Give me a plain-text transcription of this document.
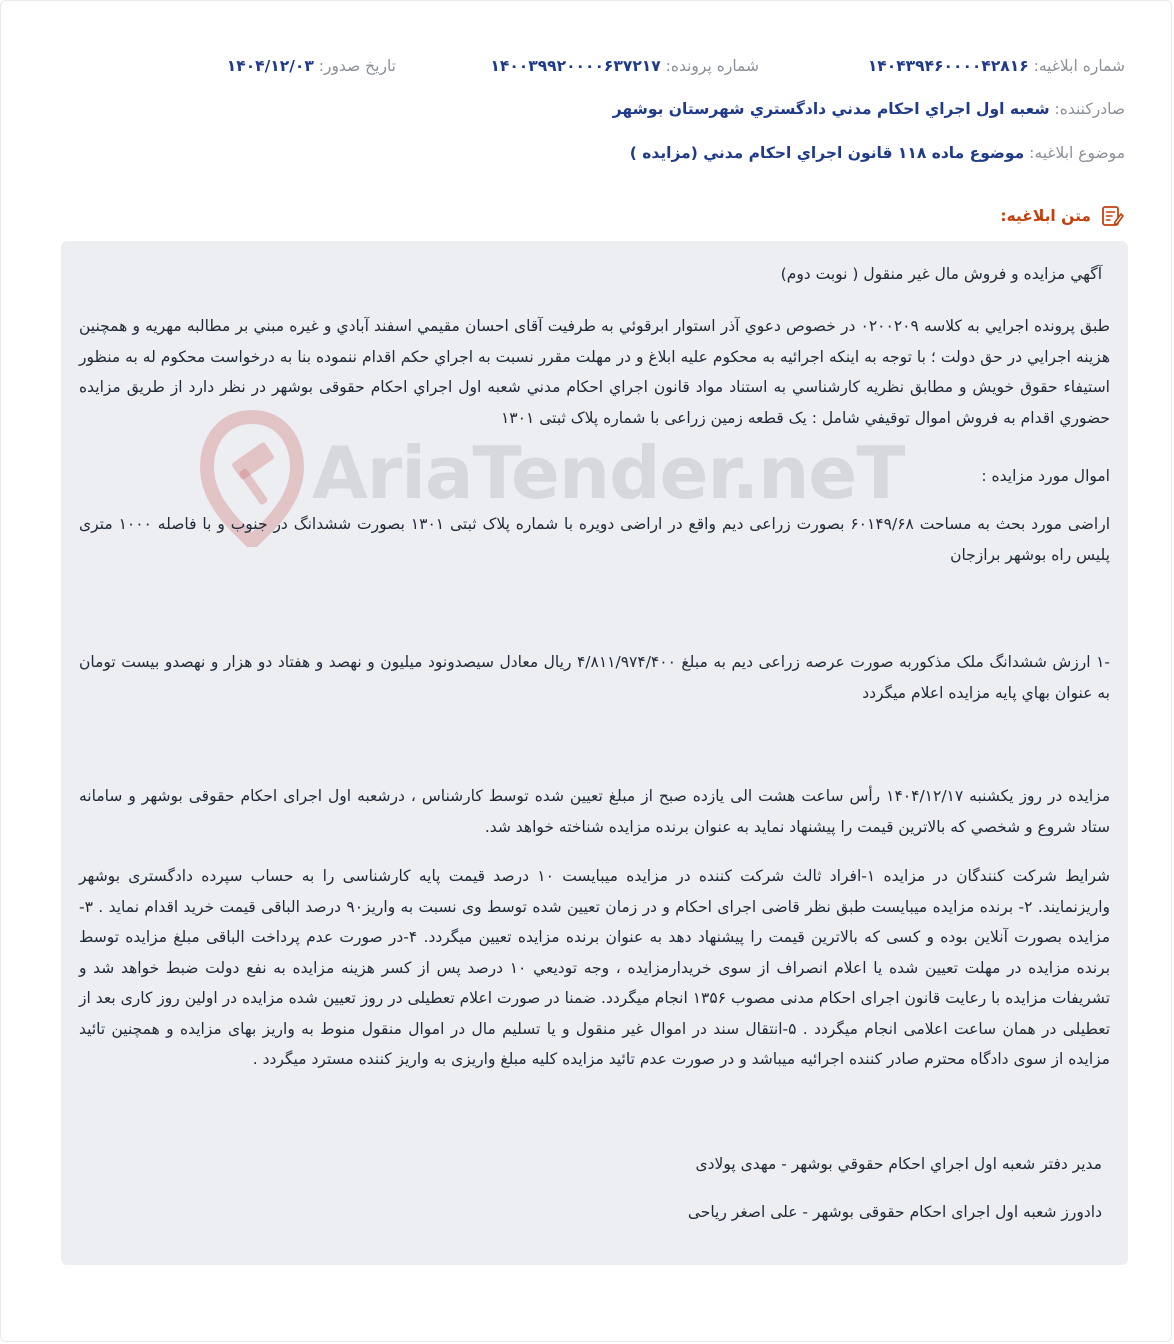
شماره ابلاغیه: ۱۴۰۴۳۹۴۶۰۰۰۰۴۲۸۱۶
شماره پرونده: ۱۴۰۰۳۹۹۲۰۰۰۰۶۳۷۲۱۷
تاریخ صدور: ۱۴۰۴/۱۲/۰۳
صادرکننده: شعبه اول اجراي احكام مدني دادگستري شهرستان بوشهر
موضوع ابلاغیه: موضوع ماده ۱۱۸ قانون اجراي احكام مدني (مزايده )
متن ابلاغیه:
AriaTender.neT
آگهي مزايده و فروش مال غير منقول ( نوبت دوم)
طبق پرونده اجرايي به كلاسه ۰۲۰۰۲۰۹ در خصوص دعوي آذر استوار ابرقوئي به طرفيت آقای احسان مقيمي اسفند آبادي و غيره مبني بر مطالبه مهريه و همچنين هزينه اجرايي در حق دولت ؛ با توجه به اينكه اجرائيه به محكوم عليه ابلاغ و در مهلت مقرر نسبت به اجراي حكم اقدام ننموده بنا به درخواست محكوم له به منظور استيفاء حقوق خويش و مطابق نظريه كارشناسي به استناد مواد قانون اجراي احكام مدني شعبه اول اجراي احكام حقوقی بوشهر در نظر دارد از طريق مزايده حضوري اقدام به فروش اموال توقيفي شامل : يک قطعه زمين زراعی با شماره پلاک ثبتی ۱۳۰۱
اموال مورد مزايده :
اراضی مورد بحث به مساحت ۶۰۱۴۹/۶۸ بصورت زراعی ديم واقع در اراضی دويره با شماره پلاک ثبتی ۱۳۰۱ بصورت ششدانگ در جنوب و با فاصله ۱۰۰۰ متری پليس راه بوشهر برازجان
-۱ ارزش ششدانگ ملک مذكوربه صورت عرصه زراعی ديم به مبلغ ۴/۸۱۱/۹۷۴/۴۰۰ ريال معادل سيصدونود ميليون و نهصد و هفتاد دو هزار و نهصدو بيست تومان به عنوان بهاي پايه مزايده اعلام ميگردد
مزايده در روز يکشنبه ۱۴۰۴/۱۲/۱۷ رأس ساعت هشت الی يازده صبح از مبلغ تعيين شده توسط كارشناس ، درشعبه اول اجرای احكام حقوقی بوشهر و سامانه ستاد شروع و شخصي كه بالاترين قيمت را پيشنهاد نمايد به عنوان برنده مزايده شناخته خواهد شد.
شرايط شرکت کنندگان در مزايده ۱-افراد ثالث شرکت کننده در مزايده ميبايست ۱۰ درصد قيمت پايه کارشناسی را به حساب سپرده دادگستری بوشهر واريزنمايند. ۲- برنده مزايده ميبايست طبق نظر قاضی اجرای احکام و در زمان تعيين شده توسط وی نسبت به واريز۹۰ درصد الباقی قيمت خريد اقدام نمايد . ۳- مزايده بصورت آنلاين بوده و کسی که بالاترين قيمت را پيشنهاد دهد به عنوان برنده مزايده تعيين ميگردد. ۴-در صورت عدم پرداخت الباقی مبلغ مزايده توسط برنده مزايده در مهلت تعيين شده يا اعلام انصراف از سوی خريدارمزايده ، وجه توديعي ۱۰ درصد پس از كسر هزينه مزايده به نفع دولت ضبط خواهد شد و تشريفات مزايده با رعايت قانون اجرای احکام مدنی مصوب ۱۳۵۶ انجام ميگردد. ضمنا در صورت اعلام تعطيلی در روز تعيين شده مزايده در اولين روز کاری بعد از تعطيلی در همان ساعت اعلامی انجام ميگردد . ۵-انتقال سند در اموال غير منقول و يا تسليم مال در اموال منقول منوط به واريز بهای مزايده و همچنين تائيد مزايده از سوی دادگاه محترم صادر کننده اجرائيه ميباشد و در صورت عدم تائيد مزايده کليه مبلغ واريزی به واريز کننده مسترد ميگردد .
مدير دفتر شعبه اول اجراي احكام حقوقي بوشهر - مهدی پولادی
دادورز شعبه اول اجرای احکام حقوقی بوشهر - علی اصغر رياحی
